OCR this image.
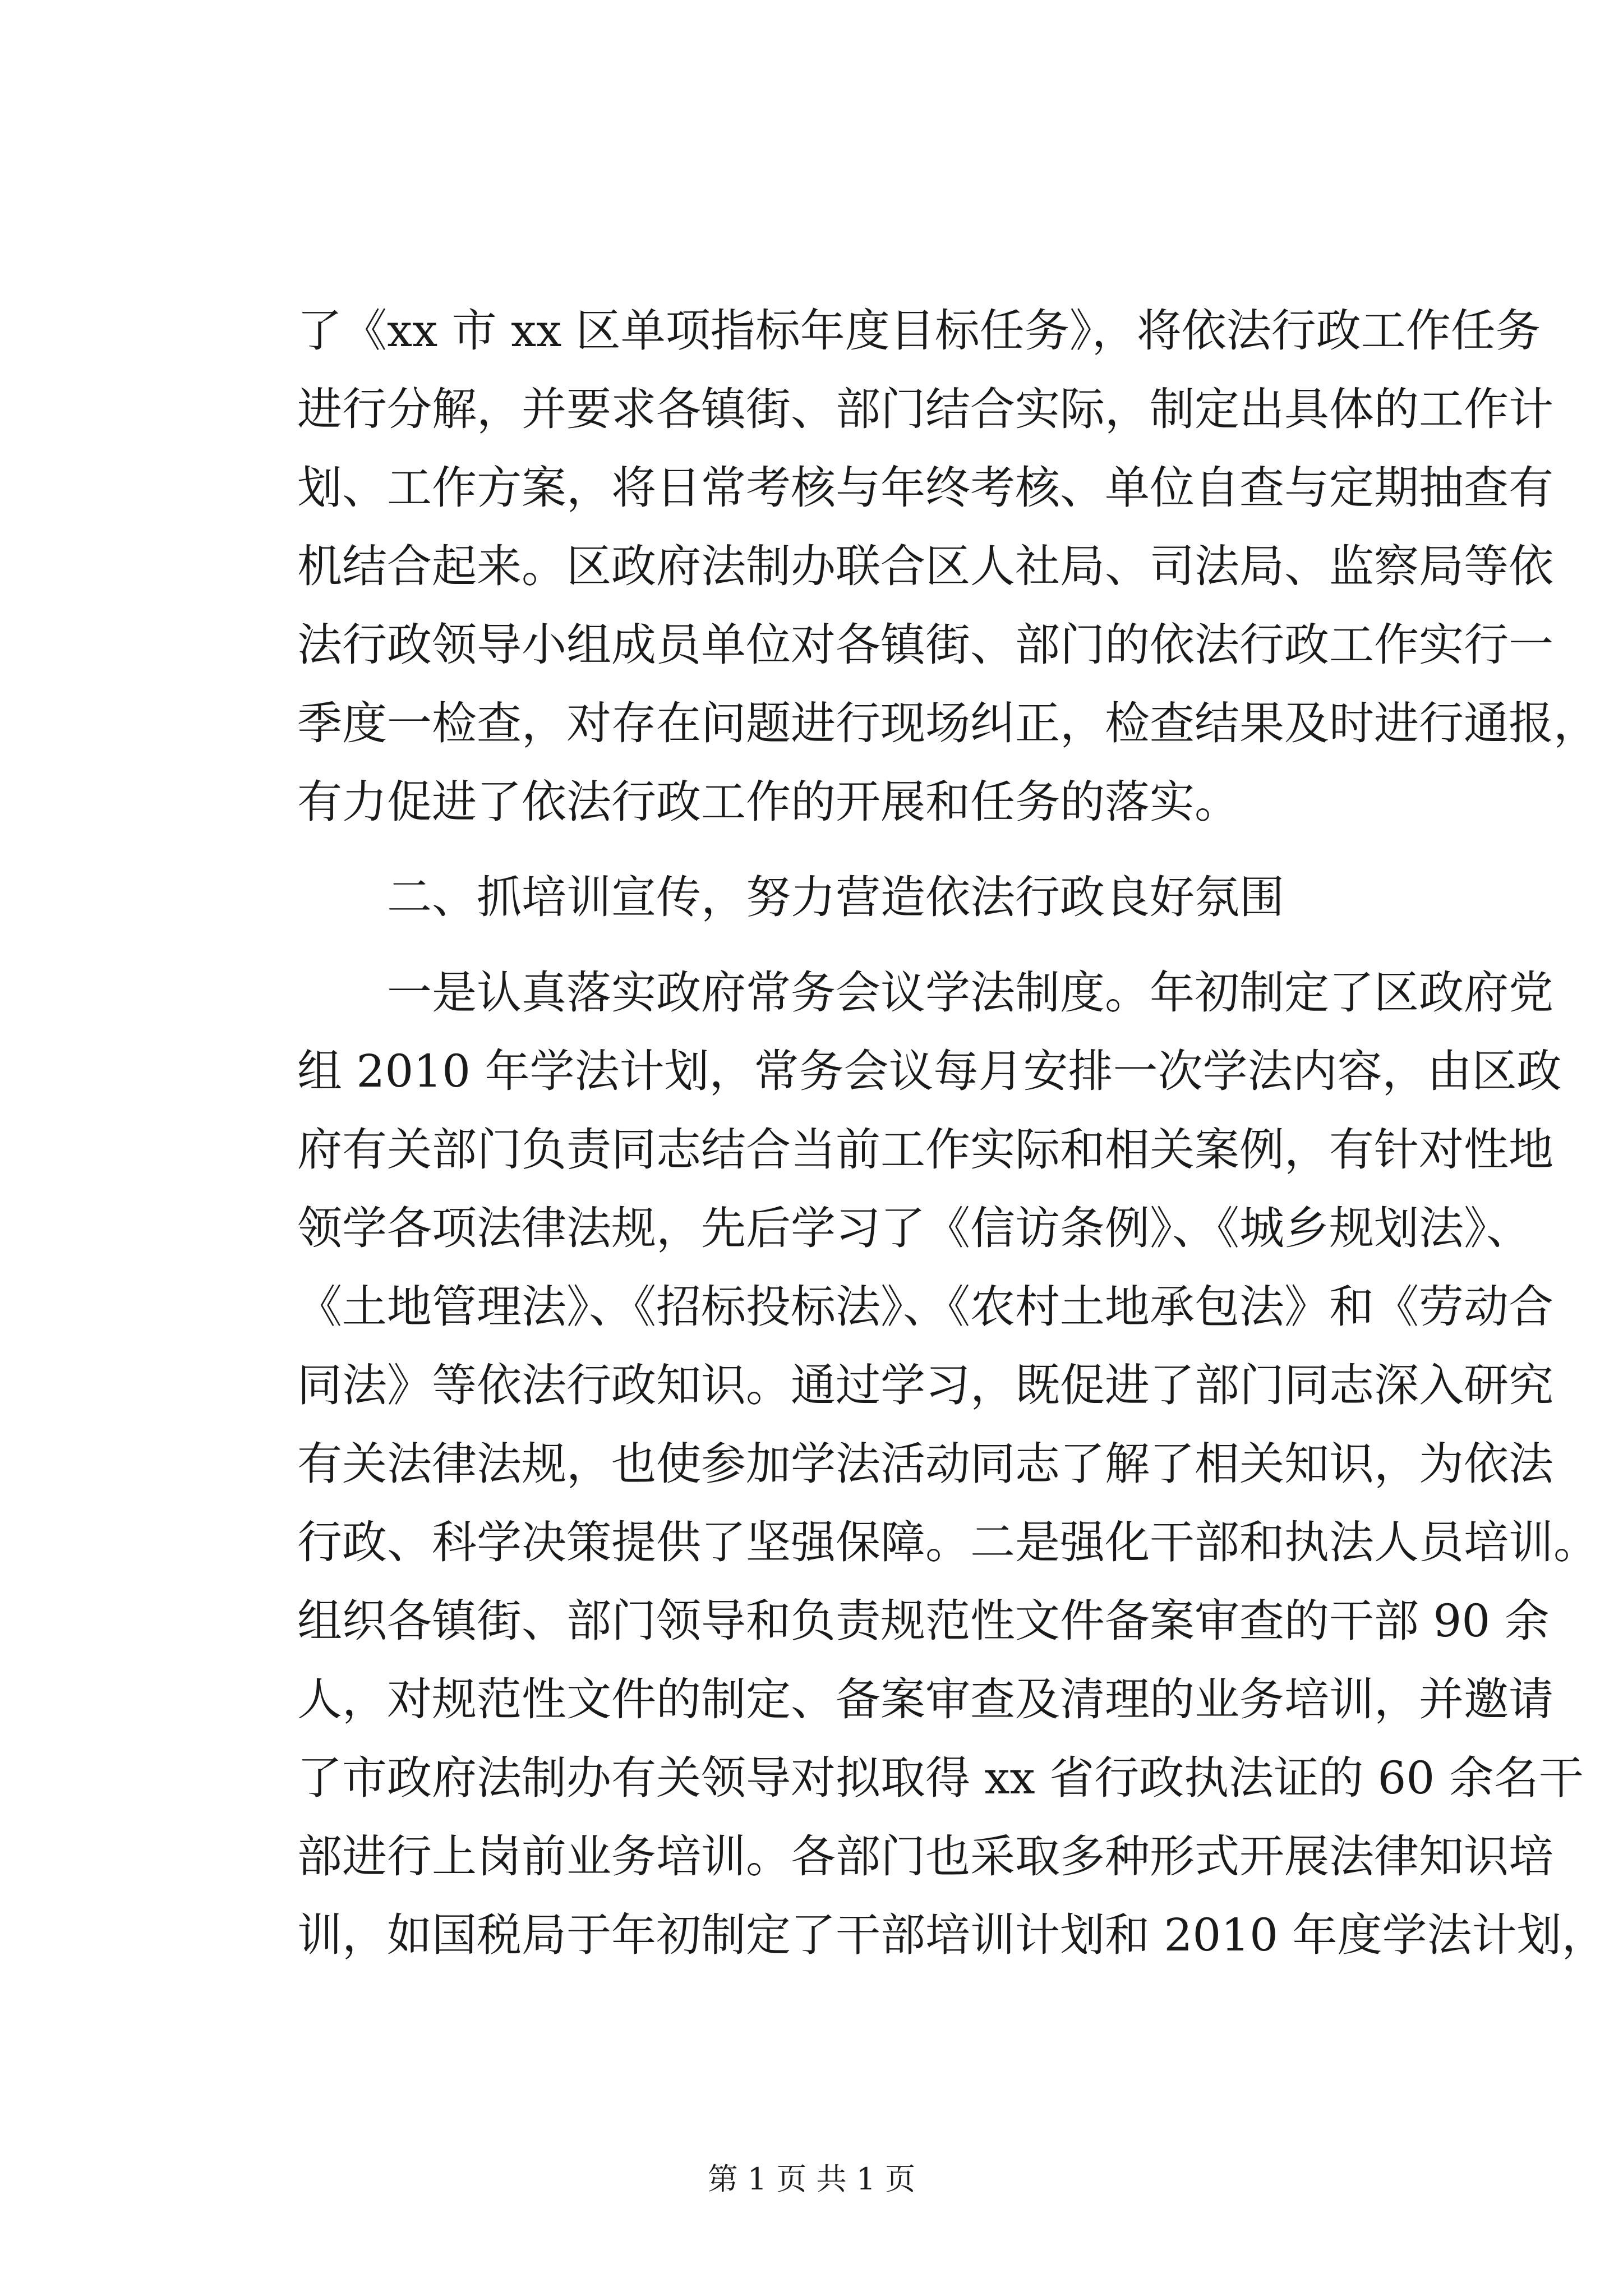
了《xx 市 xx 区单项指标年度目标任务》，将依法行政工作任务
进行分解，并要求各镇街、部门结合实际，制定出具体的工作计
划、工作方案，将日常考核与年终考核、单位自查与定期抽查有
机结合起来。区政府法制办联合区人社局、司法局、监察局等依
法行政领导小组成员单位对各镇街、部门的依法行政工作实行一
季度一检查，对存在问题进行现场纠正，检查结果及时进行通报，
有力促进了依法行政工作的开展和任务的落实。
二、抓培训宣传，努力营造依法行政良好氛围
一是认真落实政府常务会议学法制度。年初制定了区政府党
组 2010 年学法计划，常务会议每月安排一次学法内容，由区政
府有关部门负责同志结合当前工作实际和相关案例，有针对性地
领学各项法律法规，先后学习了《信访条例》、《城乡规划法》、
《土地管理法》、《招标投标法》、《农村土地承包法》和《劳动合
同法》等依法行政知识。通过学习，既促进了部门同志深入研究
有关法律法规，也使参加学法活动同志了解了相关知识，为依法
行政、科学决策提供了坚强保障。二是强化干部和执法人员培训。
组织各镇街、部门领导和负责规范性文件备案审查的干部 90 余
人，对规范性文件的制定、备案审查及清理的业务培训，并邀请
了市政府法制办有关领导对拟取得 xx 省行政执法证的 60 余名干
部进行上岗前业务培训。各部门也采取多种形式开展法律知识培
训，如国税局于年初制定了干部培训计划和 2010 年度学法计划，
第 1 页 共 1 页
